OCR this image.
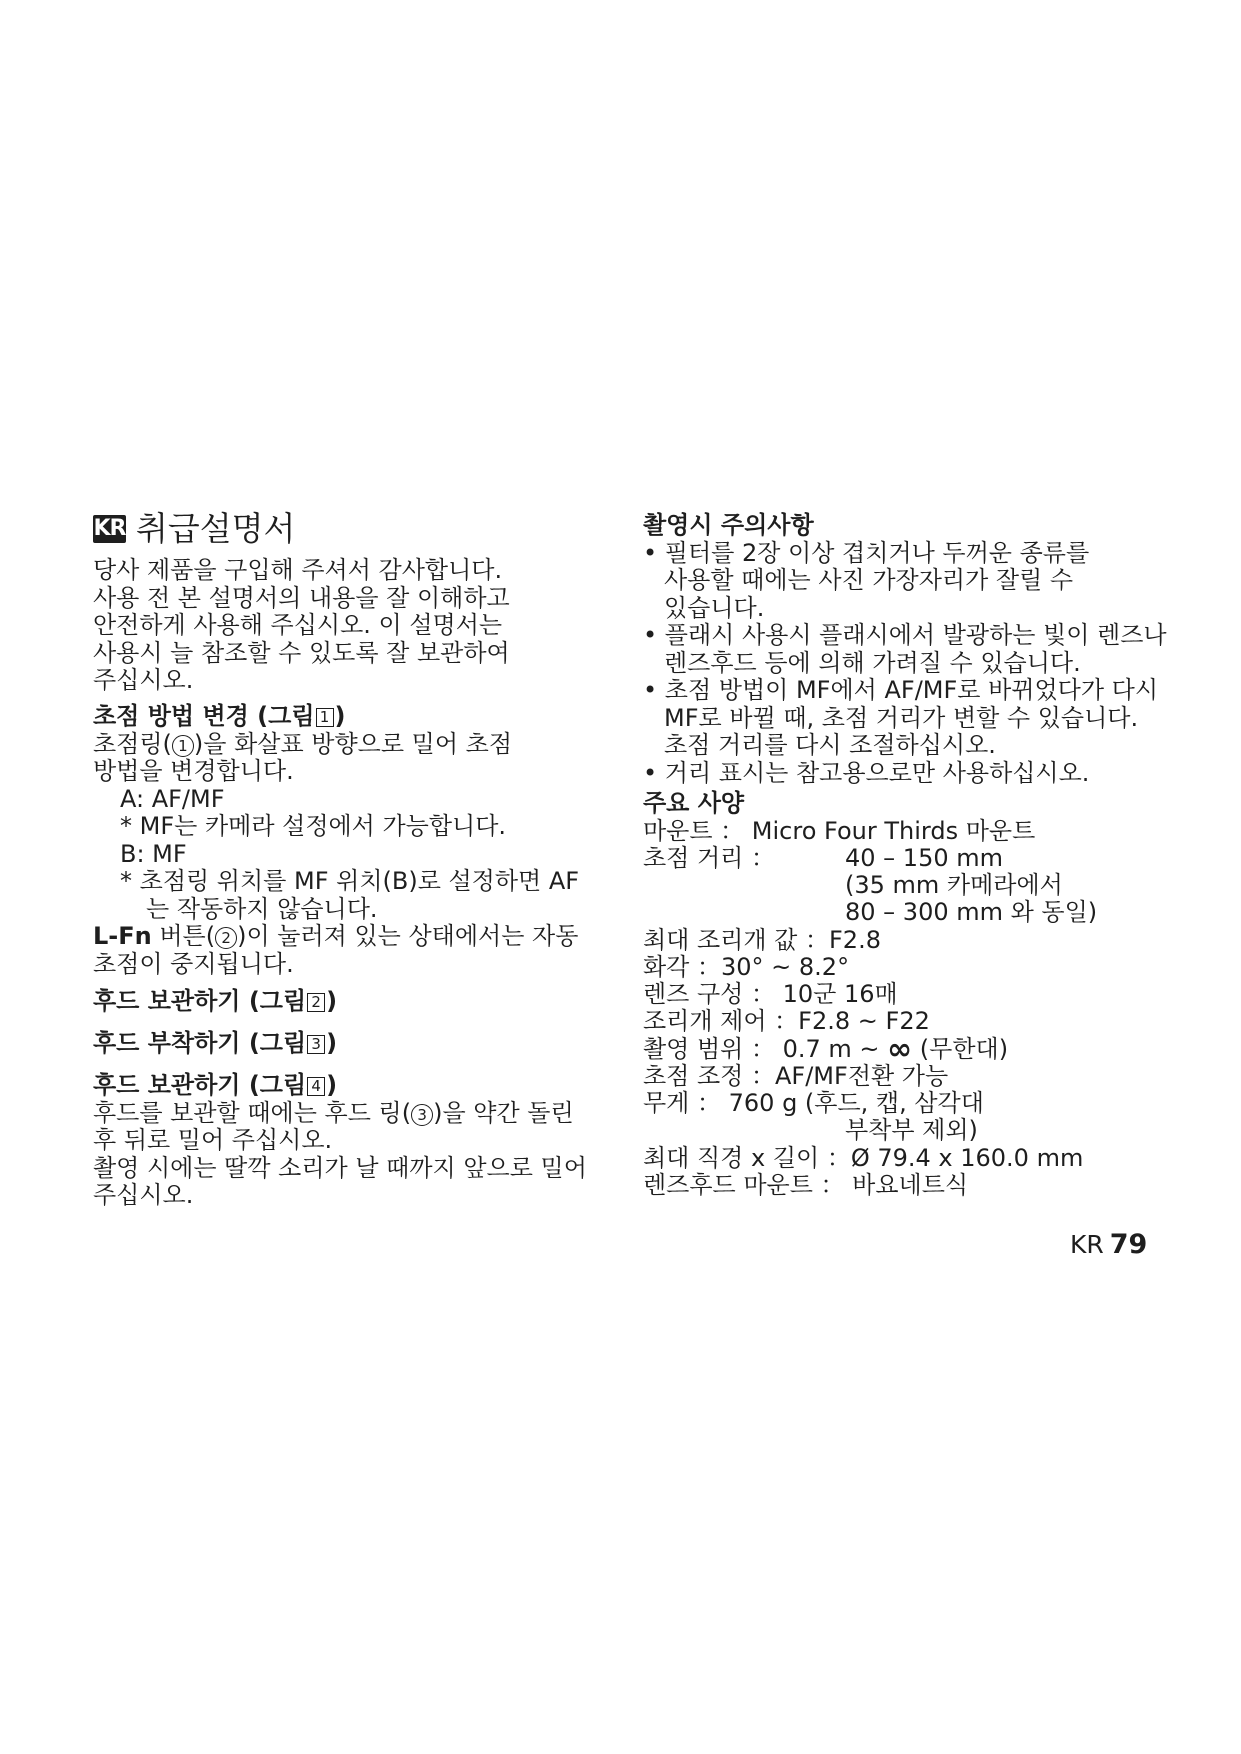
KR 취급설명서

당사 제품을 구입해 주셔서 감사합니다.

사용 전 본 설명서의 내용을 잘 이해하고

안전하게 사용해 주십시오. 이 설명서는

사용시 늘 참조할 수 있도록 잘 보관하여

주십시오.

초점 방법 변경 (그림 1 )

초점링( 1 )을 화살표 방향으로 밀어 초점

방법을 변경합니다.

A: AF/MF

* MF는 카메라 설정에서 가능합니다.

B: MF

* 초점링 위치를 MF 위치(B)로 설정하면 AF

는 작동하지 않습니다.

L-Fn 버튼( 2 )이 눌러져 있는 상태에서는 자동

초점이 중지됩니다.

후드 보관하기 (그림 2 )

후드 부착하기 (그림 3 )

후드 보관하기 (그림 4 )

후드를 보관할 때에는 후드 링( 3 )을 약간 돌린

후 뒤로 밀어 주십시오.

촬영 시에는 딸깍 소리가 날 때까지 앞으로 밀어

주십시오.

촬영시 주의사항

• 필터를 2장 이상 겹치거나 두꺼운 종류를

사용할 때에는 사진 가장자리가 잘릴 수

있습니다.

• 플래시 사용시 플래시에서 발광하는 빛이 렌즈나

렌즈후드 등에 의해 가려질 수 있습니다.

• 초점 방법이 MF에서 AF/MF로 바뀌었다가 다시

MF로 바뀔 때, 초점 거리가 변할 수 있습니다.

초점 거리를 다시 조절하십시오.

• 거리 표시는 참고용으로만 사용하십시오.

주요 사양
마운트 ： Micro Four Thirds 마운트
초점 거리 ：	40 – 150 mm
(35 mm 카메라에서
80 – 300 mm 와 동일)
최대 조리개 값 ：F2.8
화각 ：30° ~ 8.2°
렌즈 구성 ： 10군 16매
조리개 제어 ：F2.8 ~ F22
촬영 범위 ： 0.7 m ~ ∞ (무한대)
초점 조정 ：AF/MF전환 가능
무게 ： 760 g (후드, 캡, 삼각대
부착부 제외)
최대 직경 x 길이 ：Ø 79.4 x 160.0 mm
렌즈후드 마운트 ： 바요네트식
KR 79
